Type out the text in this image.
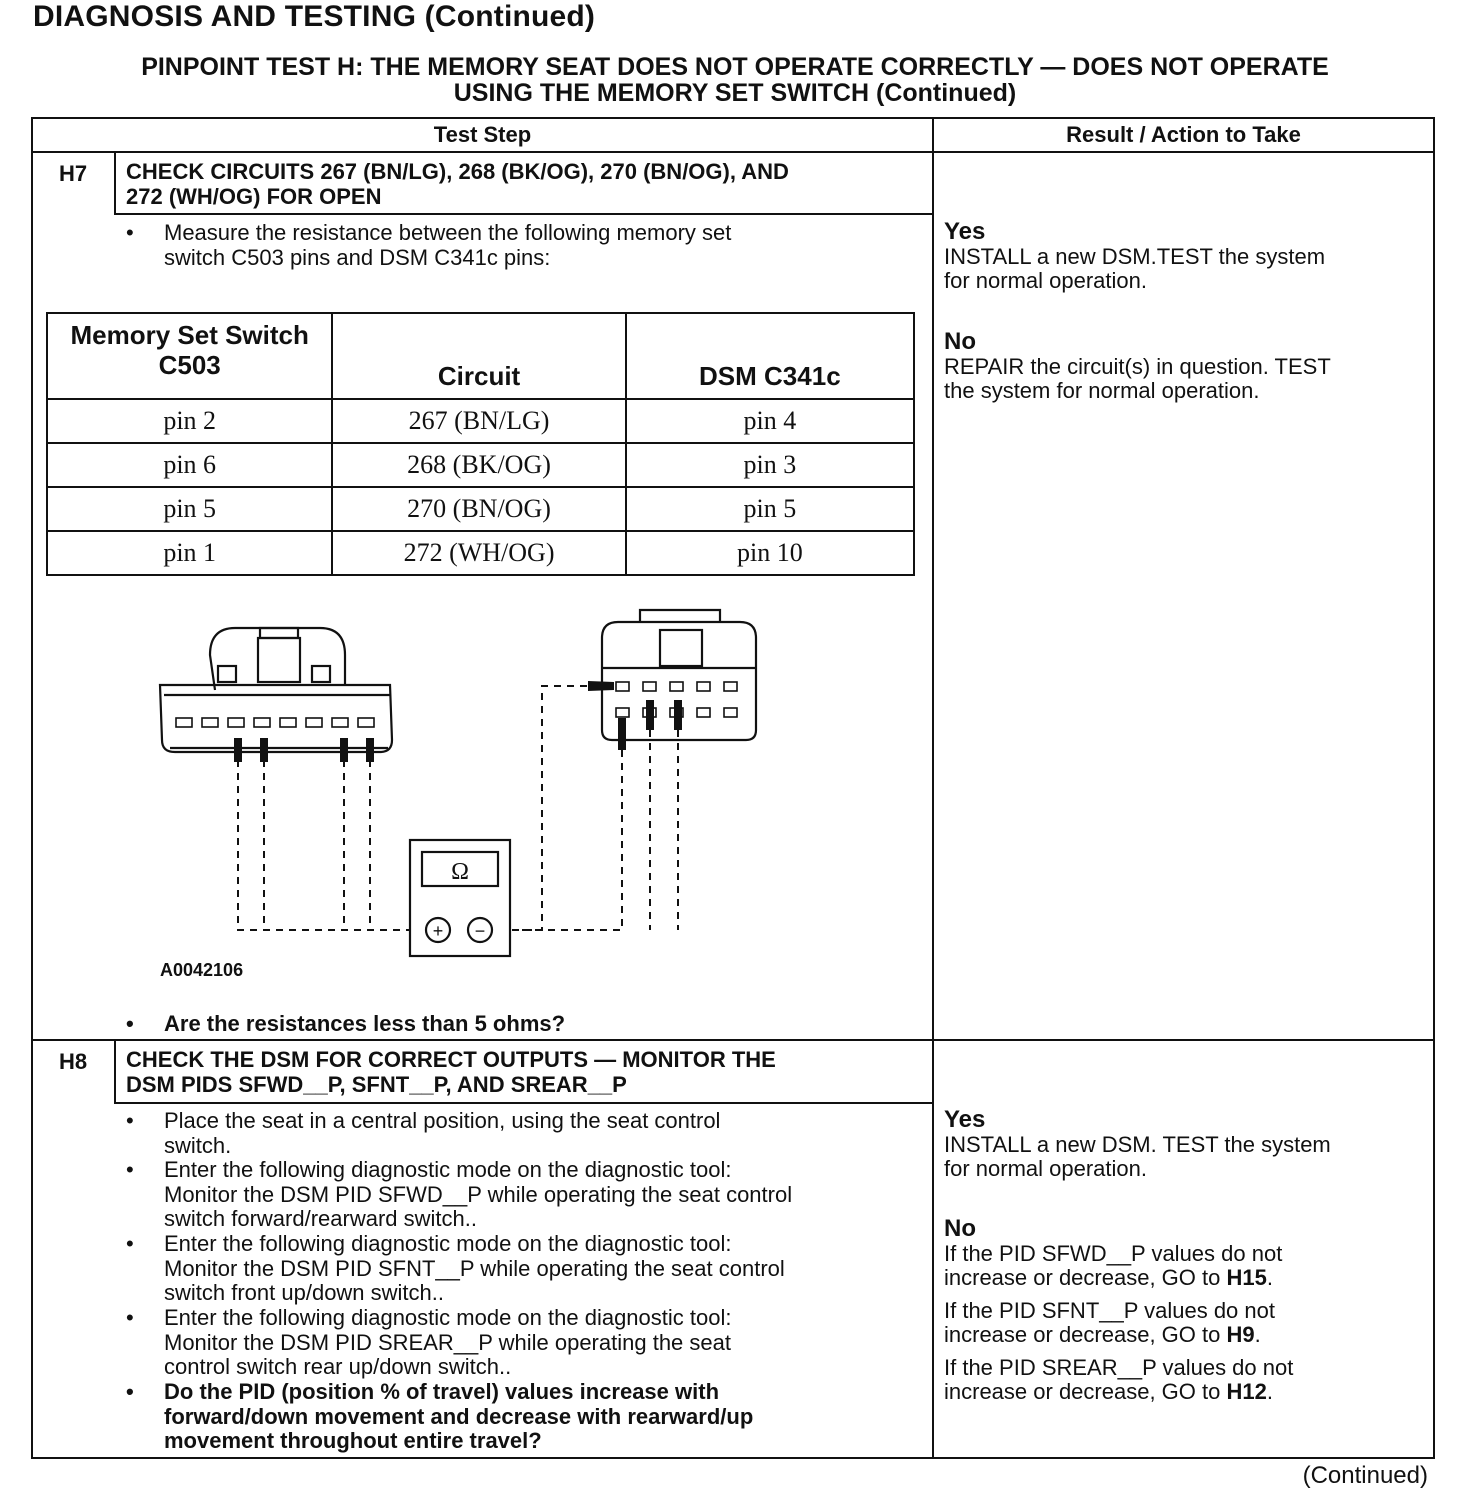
DIAGNOSIS AND TESTING (Continued)
PINPOINT TEST H: THE MEMORY SEAT DOES NOT OPERATE CORRECTLY — DOES NOT OPERATE
USING THE MEMORY SET SWITCH (Continued)
Test Step	Result / Action to Take
H7	CHECK CIRCUITS 267 (BN/LG), 268 (BK/OG), 270 (BN/OG), AND
272 (WH/OG) FOR OPEN
• Measure the resistance between the following memory set
switch C503 pins and DSM C341c pins:
Yes
INSTALL a new DSM.TEST the system
for normal operation.
No
REPAIR the circuit(s) in question. TEST
the system for normal operation.
H8	CHECK THE DSM FOR CORRECT OUTPUTS — MONITOR THE
DSM PIDS SFWD__P, SFNT__P, AND SREAR__P
• Place the seat in a central position, using the seat control
switch.
• Enter the following diagnostic mode on the diagnostic tool:
Monitor the DSM PID SFWD__P while operating the seat control
switch forward/rearward switch..
• Enter the following diagnostic mode on the diagnostic tool:
Monitor the DSM PID SFNT__P while operating the seat control
switch front up/down switch..
• Enter the following diagnostic mode on the diagnostic tool:
Monitor the DSM PID SREAR__P while operating the seat
control switch rear up/down switch..
• Do the PID (position % of travel) values increase with
forward/down movement and decrease with rearward/up
movement throughout entire travel?
Yes
INSTALL a new DSM. TEST the system
for normal operation.
No
If the PID SFWD__P values do not
increase or decrease, GO to H15.
If the PID SFNT__P values do not
increase or decrease, GO to H9.
If the PID SREAR__P values do not
increase or decrease, GO to H12.
Memory Set Switch
C503	Circuit	DSM C341c
pin 2	267 (BN/LG)	pin 4
pin 6	268 (BK/OG)	pin 3
pin 5	270 (BN/OG)	pin 5
pin 1	272 (WH/OG)	pin 10
Ω
+ −
A0042106
• Are the resistances less than 5 ohms?
(Continued)
